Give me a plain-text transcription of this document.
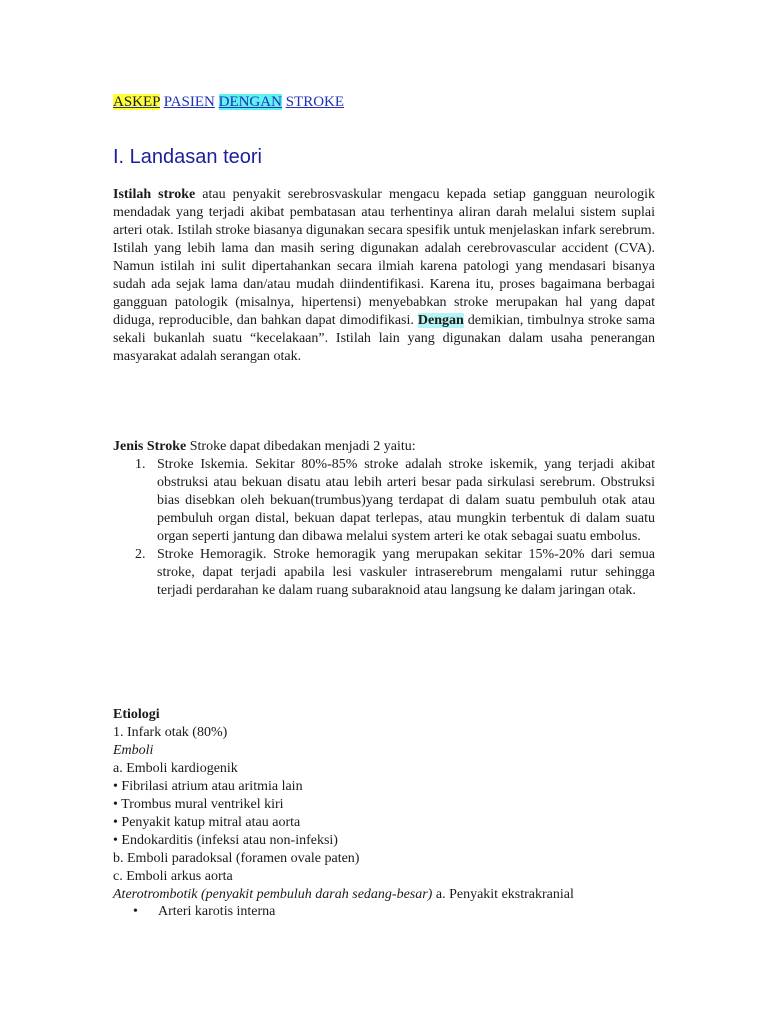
ASKEP PASIEN DENGAN STROKE
I. Landasan teori
Istilah stroke atau penyakit serebrosvaskular mengacu kepada setiap gangguan neurologik mendadak yang terjadi akibat pembatasan atau terhentinya aliran darah melalui sistem suplai arteri otak. Istilah stroke biasanya digunakan secara spesifik untuk menjelaskan infark serebrum. Istilah yang lebih lama dan masih sering digunakan adalah cerebrovascular accident (CVA). Namun istilah ini sulit dipertahankan secara ilmiah karena patologi yang mendasari bisanya sudah ada sejak lama dan/atau mudah diindentifikasi. Karena itu, proses bagaimana berbagai gangguan patologik (misalnya, hipertensi) menyebabkan stroke merupakan hal yang dapat diduga, reproducible, dan bahkan dapat dimodifikasi. Dengan demikian, timbulnya stroke sama sekali bukanlah suatu “kecelakaan”. Istilah lain yang digunakan dalam usaha penerangan masyarakat adalah serangan otak.
Jenis Stroke Stroke dapat dibedakan menjadi 2 yaitu:
1. Stroke Iskemia. Sekitar 80%-85% stroke adalah stroke iskemik, yang terjadi akibat obstruksi atau bekuan disatu atau lebih arteri besar pada sirkulasi serebrum. Obstruksi bias disebkan oleh bekuan(trumbus)yang terdapat di dalam suatu pembuluh otak atau pembuluh organ distal, bekuan dapat terlepas, atau mungkin terbentuk di dalam suatu organ seperti jantung dan dibawa melalui system arteri ke otak sebagai suatu embolus.
2. Stroke Hemoragik. Stroke hemoragik yang merupakan sekitar 15%-20% dari semua stroke, dapat terjadi apabila lesi vaskuler intraserebrum mengalami rutur sehingga terjadi perdarahan ke dalam ruang subaraknoid atau langsung ke dalam jaringan otak.
Etiologi
1. Infark otak (80%)
Emboli
a. Emboli kardiogenik
• Fibrilasi atrium atau aritmia lain
• Trombus mural ventrikel kiri
• Penyakit katup mitral atau aorta
• Endokarditis (infeksi atau non-infeksi)
b. Emboli paradoksal (foramen ovale paten)
c. Emboli arkus aorta
Aterotrombotik (penyakit pembuluh darah sedang-besar) a. Penyakit ekstrakranial
• Arteri karotis interna
